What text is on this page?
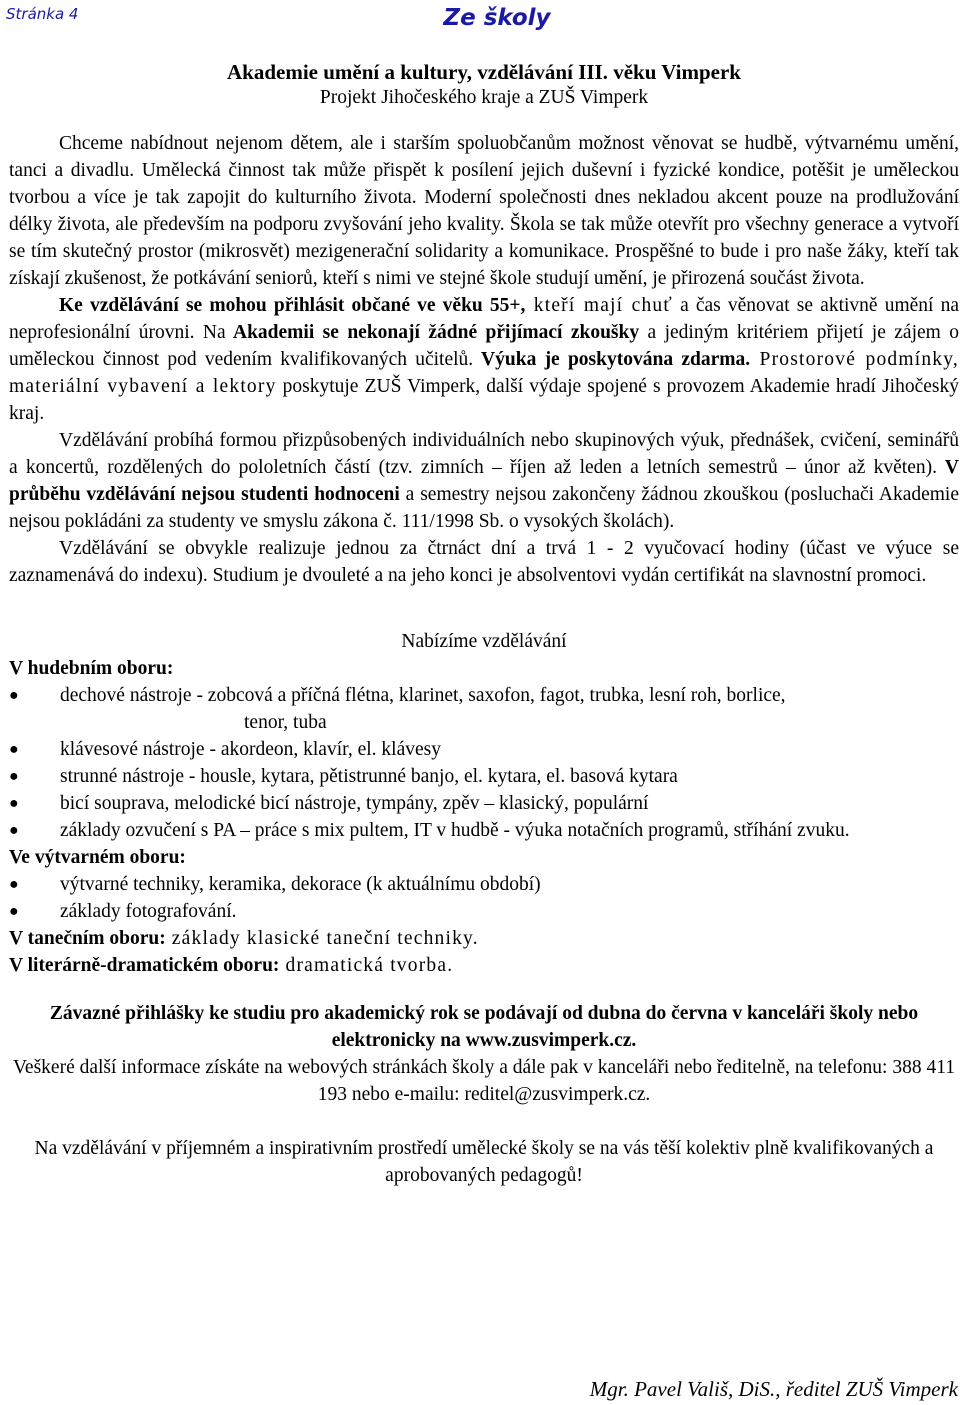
Stránka 4	Ze školy
Akademie umění a kultury, vzdělávání III. věku Vimperk
Projekt Jihočeského kraje a ZUŠ Vimperk

Chceme nabídnout nejenom dětem, ale i starším spoluobčanům možnost věnovat se hudbě, výtvarnému umění, tanci a divadlu. Umělecká činnost tak může přispět k posílení jejich duševní i fyzické kondice, potěšit je uměleckou tvorbou a více je tak zapojit do kulturního života. Moderní společnosti dnes nekladou akcent pouze na prodlužování délky života, ale především na podporu zvyšování jeho kvality. Škola se tak může otevřít pro všechny generace a vytvoří se tím skutečný prostor (mikrosvět) mezigenerační solidarity a komunikace. Prospěšné to bude i pro naše žáky, kteří tak získají zkušenost, že potkávání seniorů, kteří s nimi ve stejné škole studují umění, je přirozená součást života.

Ke vzdělávání se mohou přihlásit občané ve věku 55+, kteří mají chuť a čas věnovat se aktivně umění na neprofesionální úrovni. Na Akademii se nekonají žádné přijímací zkoušky a jediným kritériem přijetí je zájem o uměleckou činnost pod vedením kvalifikovaných učitelů. Výuka je poskytována zdarma. Prostorové podmínky, materiální vybavení a lektory poskytuje ZUŠ Vimperk, další výdaje spojené s provozem Akademie hradí Jihočeský kraj.

Vzdělávání probíhá formou přizpůsobených individuálních nebo skupinových výuk, přednášek, cvičení, seminářů a koncertů, rozdělených do pololetních částí (tzv. zimních – říjen až leden a letních semestrů – únor až květen). V průběhu vzdělávání nejsou studenti hodnoceni a semestry nejsou zakončeny žádnou zkouškou (posluchači Akademie nejsou pokládáni za studenty ve smyslu zákona č. 111/1998 Sb. o vysokých školách).

Vzdělávání se obvykle realizuje jednou za čtrnáct dní a trvá 1 - 2 vyučovací hodiny (účast ve výuce se zaznamenává do indexu). Studium je dvouleté a na jeho konci je absolventovi vydán certifikát na slavnostní promoci.

Nabízíme vzdělávání
V hudebním oboru:
● dechové nástroje - zobcová a příčná flétna, klarinet, saxofon, fagot, trubka, lesní roh, borlice,
tenor, tuba
● klávesové nástroje - akordeon, klavír, el. klávesy
● strunné nástroje - housle, kytara, pětistrunné banjo, el. kytara, el. basová kytara
● bicí souprava, melodické bicí nástroje, tympány, zpěv – klasický, populární
● základy ozvučení s PA – práce s mix pultem, IT v hudbě - výuka notačních programů, stříhání zvuku.
Ve výtvarném oboru:
● výtvarné techniky, keramika, dekorace (k aktuálnímu období)
● základy fotografování.
V tanečním oboru: základy klasické taneční techniky.
V literárně-dramatickém oboru: dramatická tvorba.
Závazné přihlášky ke studiu pro akademický rok se podávají od dubna do června v kanceláři školy nebo elektronicky na www.zusvimperk.cz.
Veškeré další informace získáte na webových stránkách školy a dále pak v kanceláři nebo ředitelně, na telefonu: 388 411 193 nebo e-mailu: reditel@zusvimperk.cz.
Na vzdělávání v příjemném a inspirativním prostředí umělecké školy se na vás těší kolektiv plně kvalifikovaných a aprobovaných pedagogů!
Mgr. Pavel Vališ, DiS., ředitel ZUŠ Vimperk
